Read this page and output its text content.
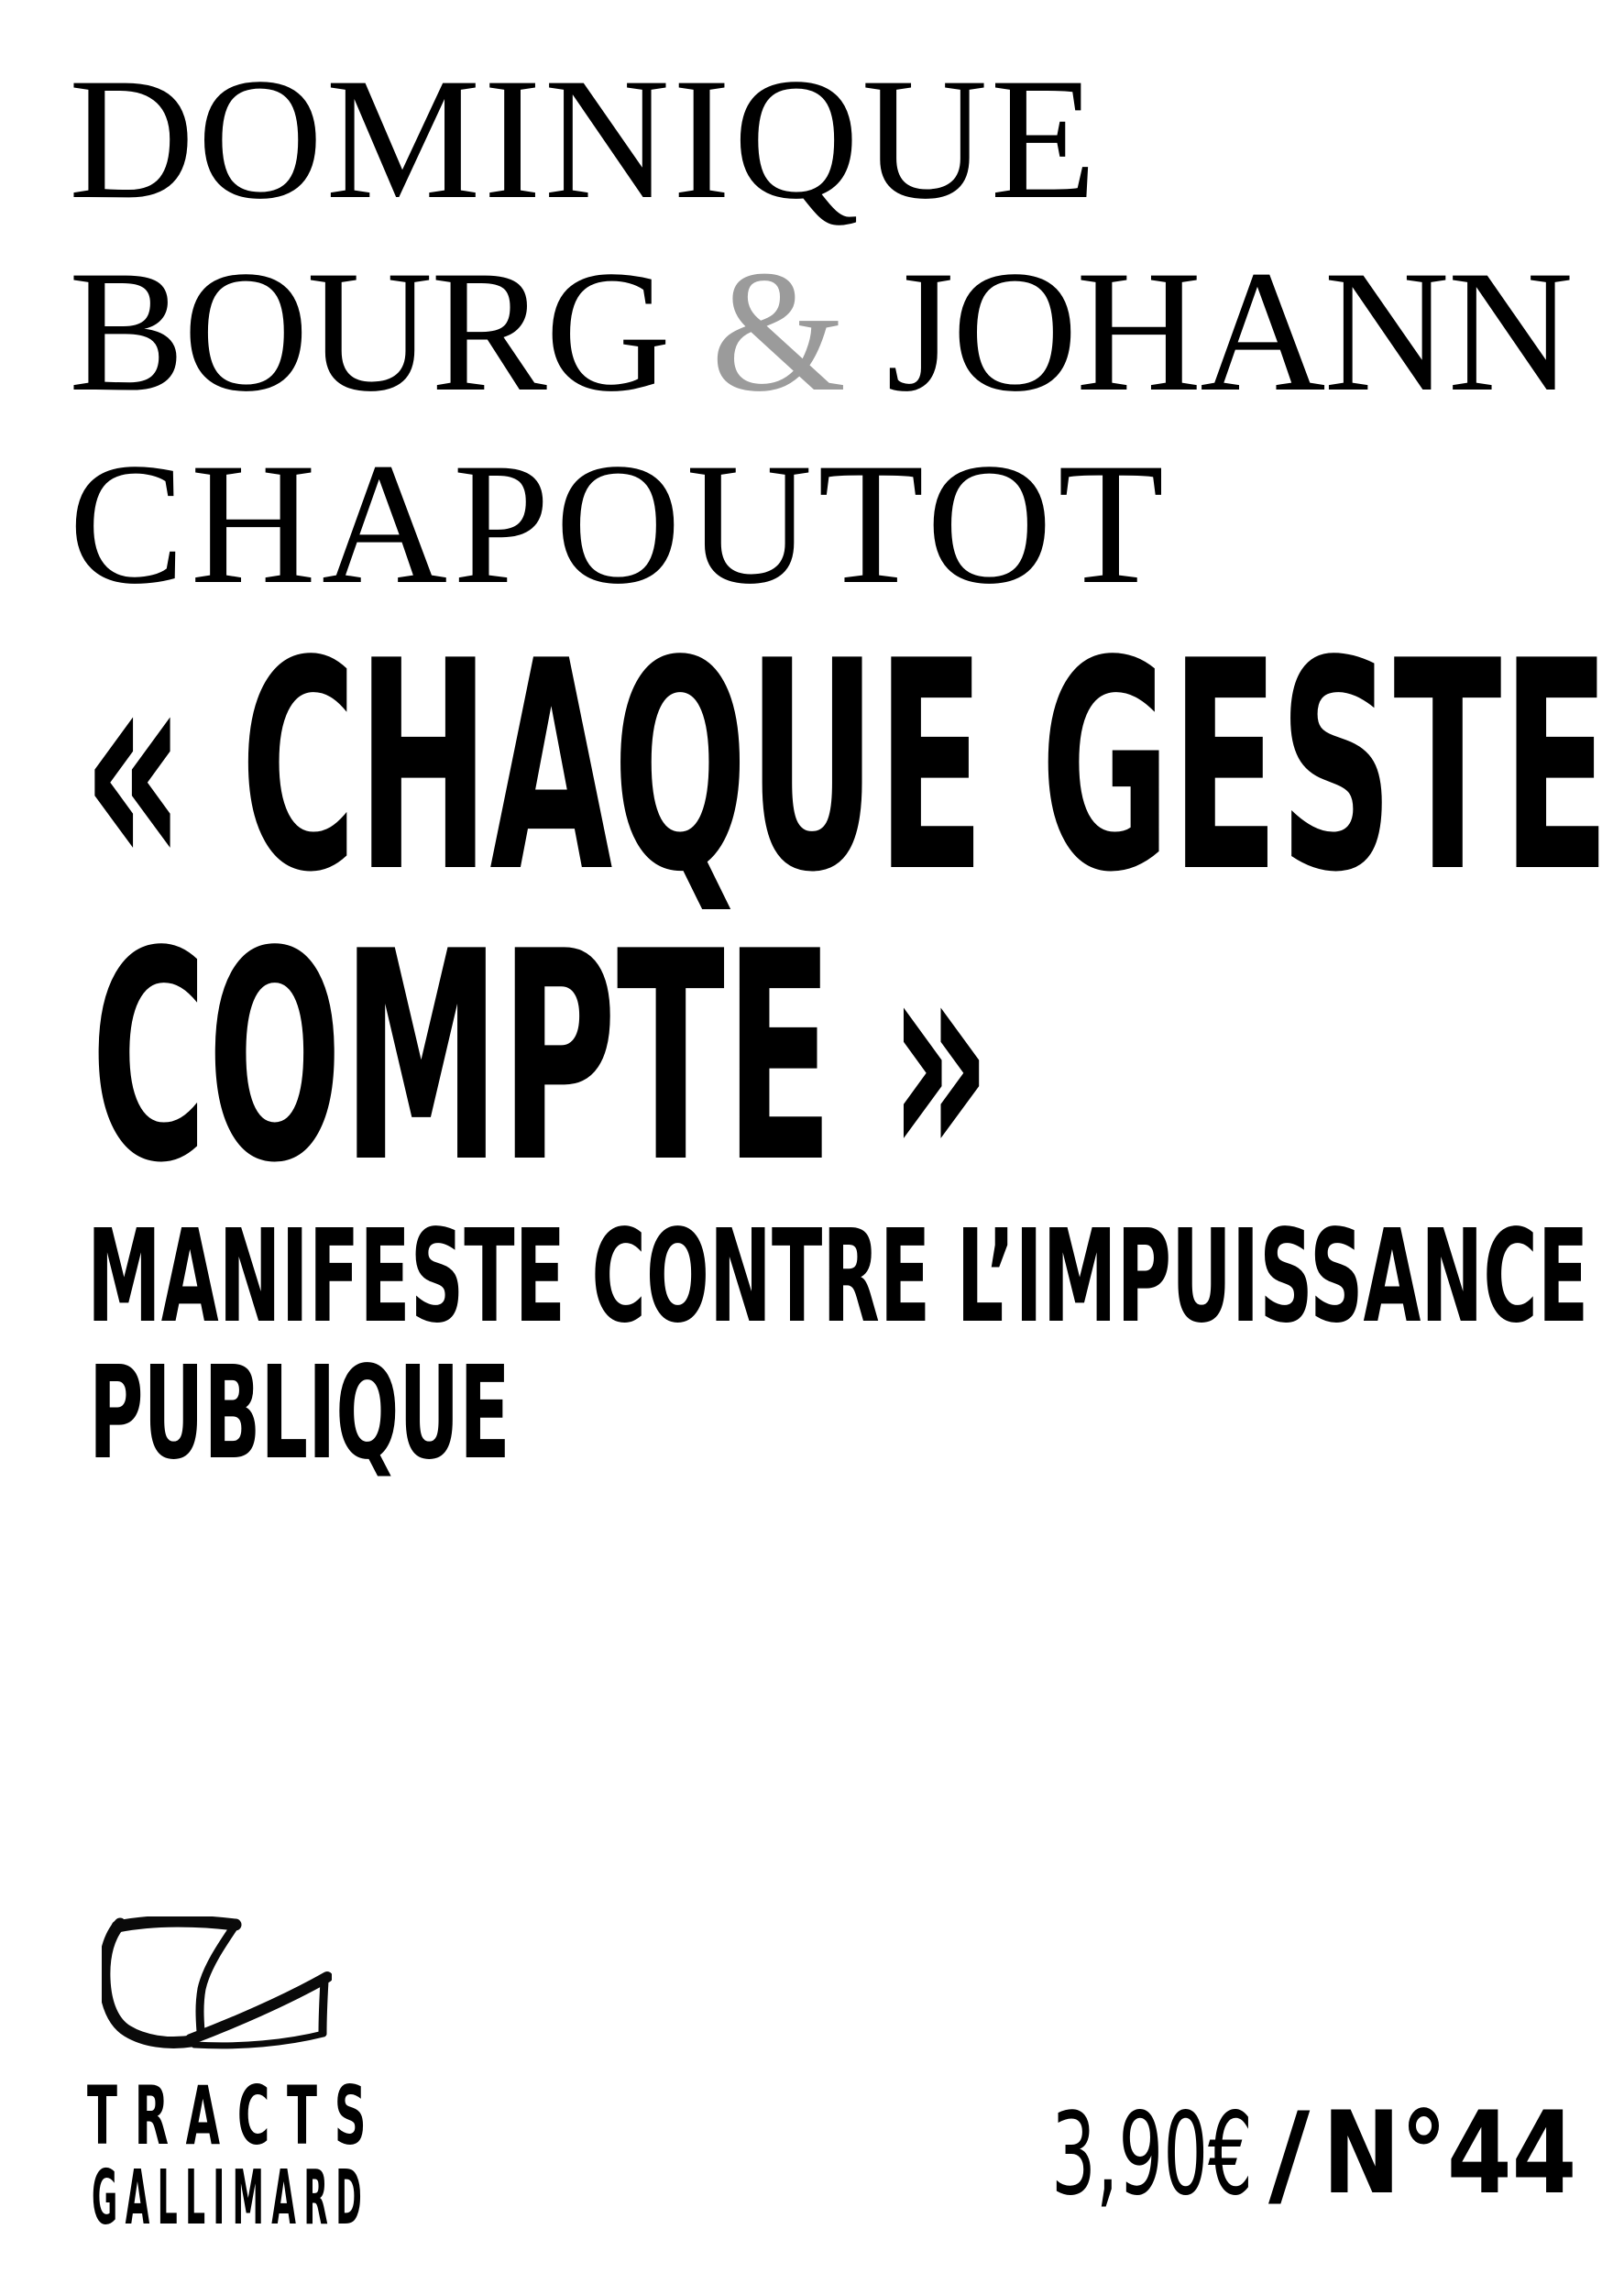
DOMINIQUE
BOURG & JOHANN
CHAPOUTOT
« CHAQUE GESTE
COMPTE »
MANIFESTE CONTRE L’IMPUISSANCE
PUBLIQUE
TRACTS
GALLIMARD	3,90€ / N°44
